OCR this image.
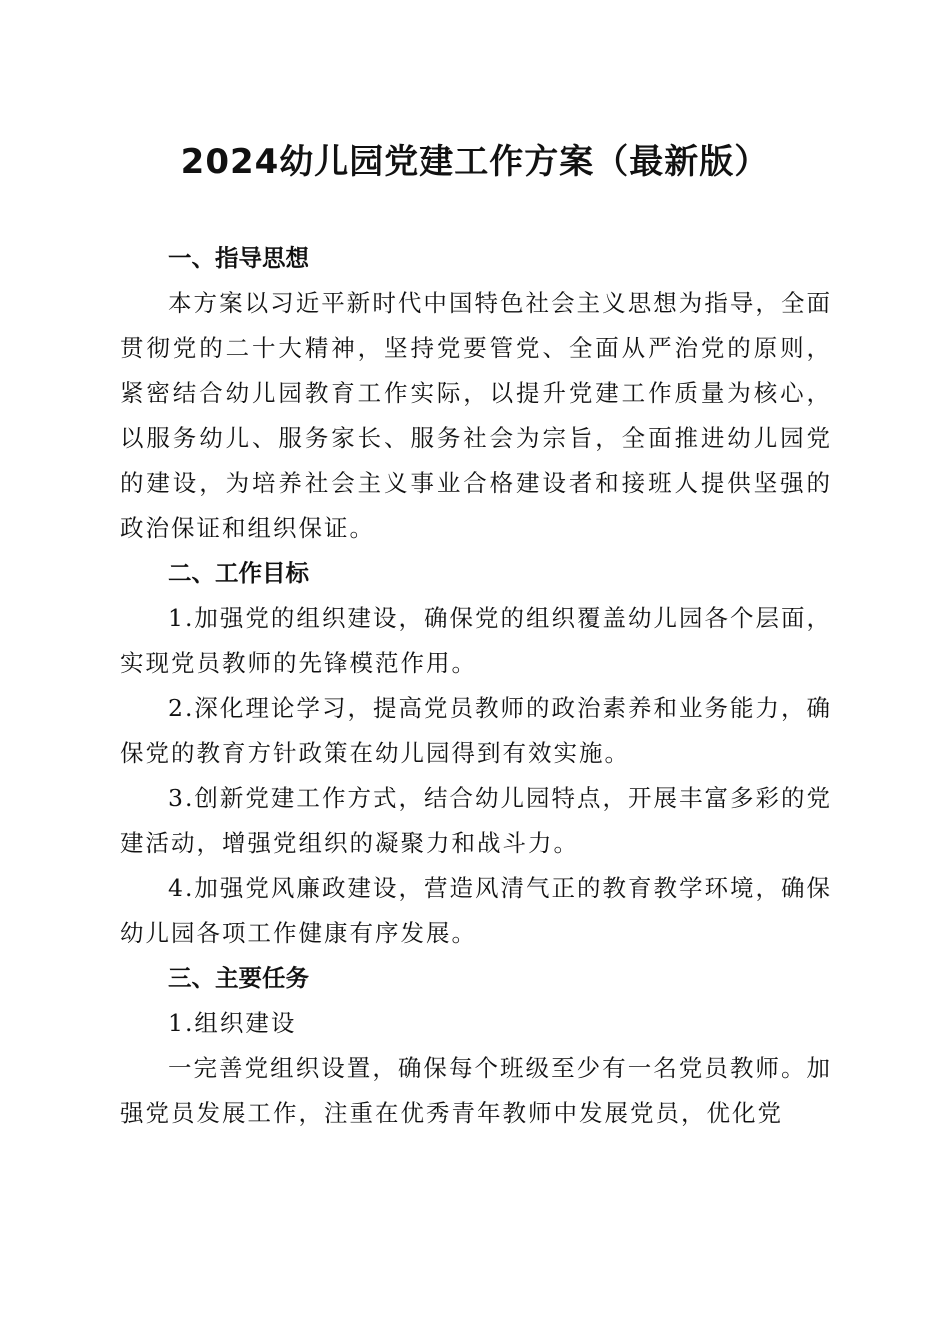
2024幼儿园党建工作方案（最新版）

一、指导思想

本方案以习近平新时代中国特色社会主义思想为指导，全面贯彻党的二十大精神，坚持党要管党、全面从严治党的原则，紧密结合幼儿园教育工作实际，以提升党建工作质量为核心，以服务幼儿、服务家长、服务社会为宗旨，全面推进幼儿园党的建设，为培养社会主义事业合格建设者和接班人提供坚强的政治保证和组织保证。

二、工作目标

1.加强党的组织建设，确保党的组织覆盖幼儿园各个层面，实现党员教师的先锋模范作用。

2.深化理论学习，提高党员教师的政治素养和业务能力，确保党的教育方针政策在幼儿园得到有效实施。

3.创新党建工作方式，结合幼儿园特点，开展丰富多彩的党建活动，增强党组织的凝聚力和战斗力。

4.加强党风廉政建设，营造风清气正的教育教学环境，确保幼儿园各项工作健康有序发展。

三、主要任务

1.组织建设

一完善党组织设置，确保每个班级至少有一名党员教师。加强党员发展工作，注重在优秀青年教师中发展党员，优化党
